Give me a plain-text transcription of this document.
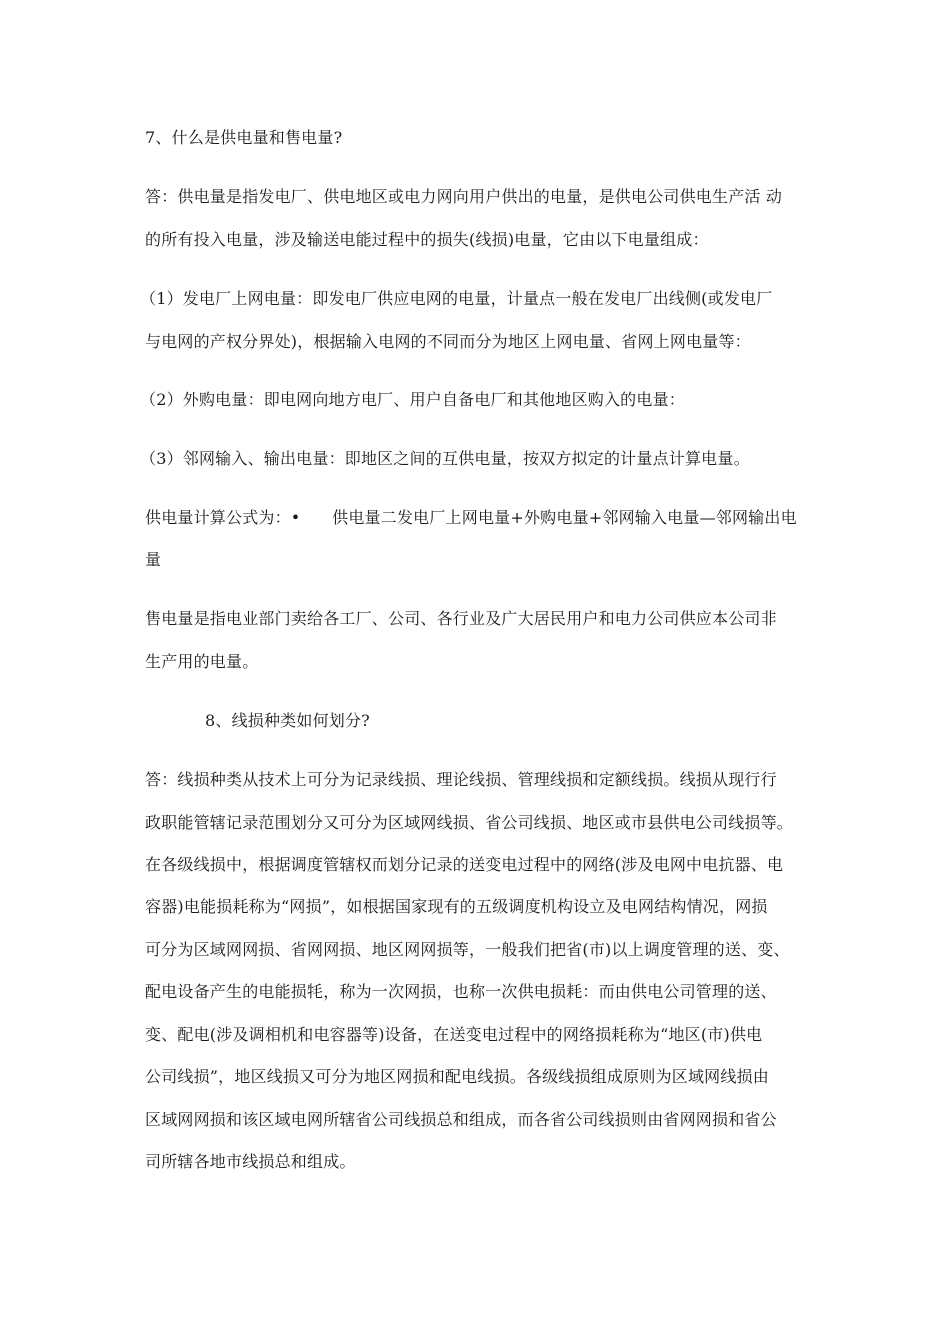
7、什么是供电量和售电量?
答：供电量是指发电厂、供电地区或电力网向用户供出的电量，是供电公司供电生产活 动
的所有投入电量，涉及输送电能过程中的损失(线损)电量，它由以下电量组成：
（1）发电厂上网电量：即发电厂供应电网的电量，计量点一般在发电厂出线侧(或发电厂
与电网的产权分界处)，根据输入电网的不同而分为地区上网电量、省网上网电量等：
（2）外购电量：即电网向地方电厂、用户自备电厂和其他地区购入的电量：
（3）邻网输入、输出电量：即地区之间的互供电量，按双方拟定的计量点计算电量。
供电量计算公式为：•      供电量二发电厂上网电量+外购电量+邻网输入电量—邻网输出电
量
售电量是指电业部门卖给各工厂、公司、各行业及广大居民用户和电力公司供应本公司非
生产用的电量。
8、线损种类如何划分?
答：线损种类从技术上可分为记录线损、理论线损、管理线损和定额线损。线损从现行行
政职能管辖记录范围划分又可分为区域网线损、省公司线损、地区或市县供电公司线损等。
在各级线损中，根据调度管辖权而划分记录的送变电过程中的网络(涉及电网中电抗器、电
容器)电能损耗称为“网损”，如根据国家现有的五级调度机构设立及电网结构情况，网损
可分为区域网网损、省网网损、地区网网损等，一般我们把省(市)以上调度管理的送、变、
配电设备产生的电能损牦，称为一次网损，也称一次供电损耗：而由供电公司管理的送、
变、配电(涉及调相机和电容器等)设备，在送变电过程中的网络损耗称为“地区(市)供电
公司线损”，地区线损又可分为地区网损和配电线损。各级线损组成原则为区域网线损由
区域网网损和该区域电网所辖省公司线损总和组成，而各省公司线损则由省网网损和省公
司所辖各地市线损总和组成。
